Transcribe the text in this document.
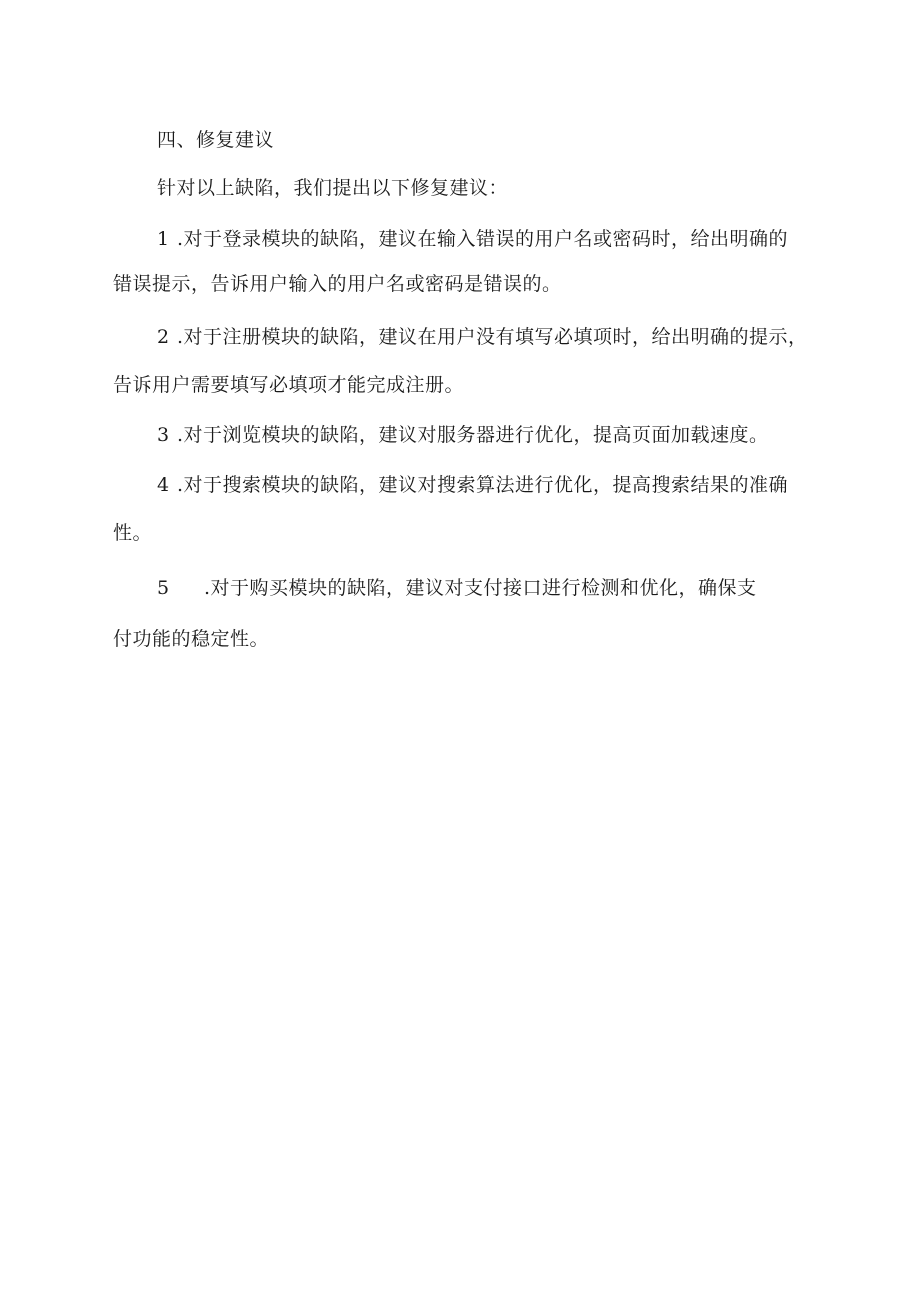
四、修复建议
针对以上缺陷，我们提出以下修复建议：
1 .对于登录模块的缺陷，建议在输入错误的用户名或密码时，给出明确的
错误提示，告诉用户输入的用户名或密码是错误的。
2 .对于注册模块的缺陷，建议在用户没有填写必填项时，给出明确的提示，
告诉用户需要填写必填项才能完成注册。
3 .对于浏览模块的缺陷，建议对服务器进行优化，提高页面加载速度。
4 .对于搜索模块的缺陷，建议对搜索算法进行优化，提高搜索结果的准确
性。
5 .对于购买模块的缺陷，建议对支付接口进行检测和优化，确保支
付功能的稳定性。
